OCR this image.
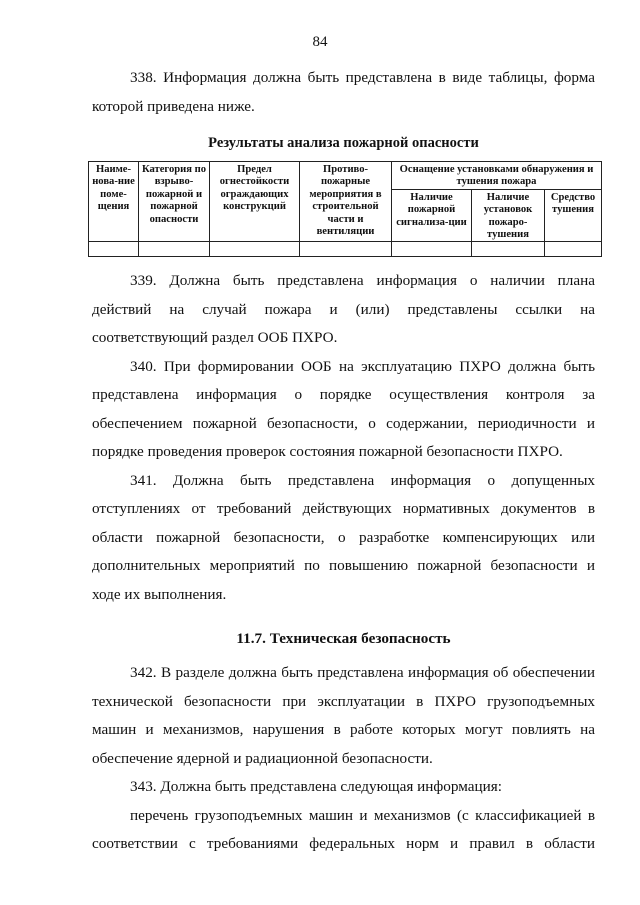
84

338. Информация должна быть представлена в виде таблицы, форма которой приведена ниже.

Результаты анализа пожарной опасности
Наиме-нова-ние поме-щения	Категория по взрыво-пожарной и пожарной опасности	Предел огнестойкости ограждающих конструкций	Противо-пожарные мероприятия в строительной части и вентиляции	Оснащение установками обнаружения и тушения пожара		
				Наличие пожарной сигнализа-ции	Наличие установок пожаро-тушения	Средство тушения

339. Должна быть представлена информация о наличии плана действий на случай пожара и (или) представлены ссылки на соответствующий раздел ООБ ПХРО.

340. При формировании ООБ на эксплуатацию ПХРО должна быть представлена информация о порядке осуществления контроля за обеспечением пожарной безопасности, о содержании, периодичности и порядке проведения проверок состояния пожарной безопасности ПХРО.

341. Должна быть представлена информация о допущенных отступлениях от требований действующих нормативных документов в области пожарной безопасности, о разработке компенсирующих или дополнительных мероприятий по повышению пожарной безопасности и ходе их выполнения.

11.7. Техническая безопасность

342. В разделе должна быть представлена информация об обеспечении технической безопасности при эксплуатации в ПХРО грузоподъемных машин и механизмов, нарушения в работе которых могут повлиять на обеспечение ядерной и радиационной безопасности.

343. Должна быть представлена следующая информация:

перечень грузоподъемных машин и механизмов (с классификацией в соответствии с требованиями федеральных норм и правил в области
